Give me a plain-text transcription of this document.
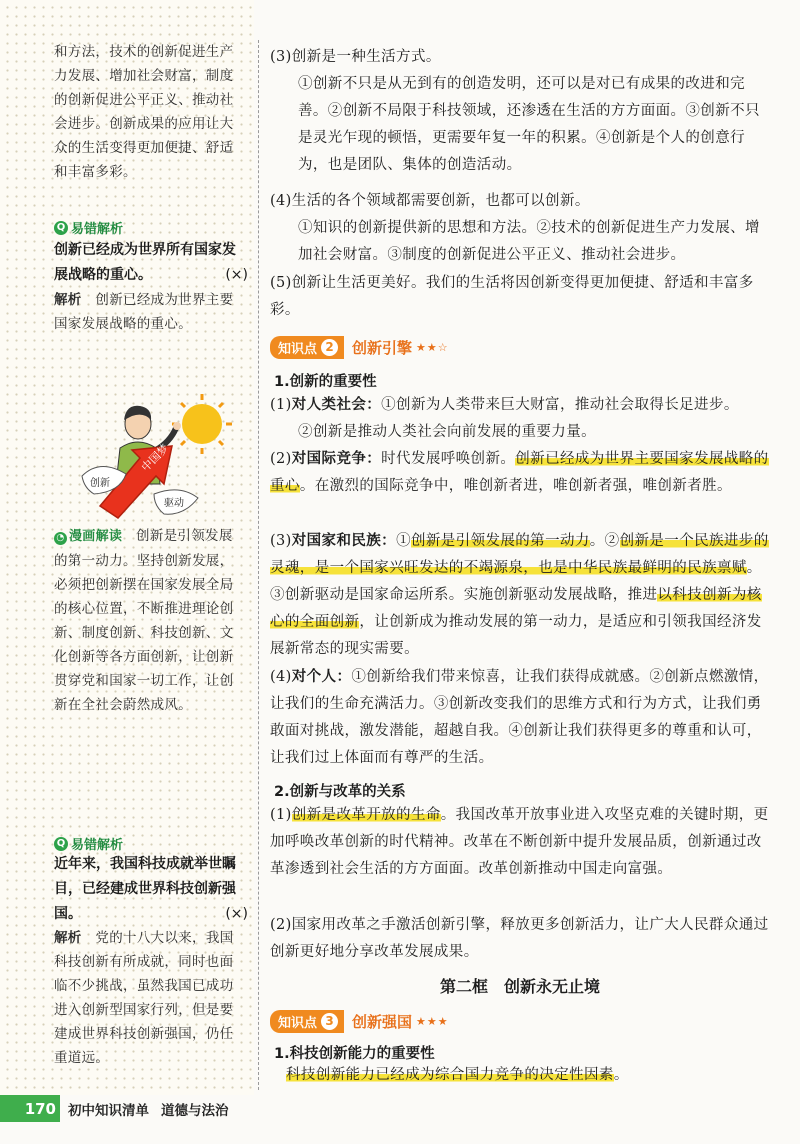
和方法，技术的创新促进生产力发展、增加社会财富，制度的创新促进公平正义、推动社会进步。创新成果的应用让大众的生活变得更加便捷、舒适和丰富多彩。
Q 易错解析
创新已经成为世界所有国家发展战略的重心。	(×)
解析　 创新已经成为世界主要国家发展战略的重心。
中国梦
创新
驱动
◔ 漫画解读　 创新是引领发展的第一动力。坚持创新发展，必须把创新摆在国家发展全局的核心位置，不断推进理论创新、制度创新、科技创新、文化创新等各方面创新，让创新贯穿党和国家一切工作，让创新在全社会蔚然成风。
Q 易错解析
近年来，我国科技成就举世瞩目，已经建成世界科技创新强国。	(×)
解析　 党的十八大以来，我国科技创新有所成就，同时也面临不少挑战，虽然我国已成功进入创新型国家行列，但是要建成世界科技创新强国，仍任重道远。
(3)创新是一种生活方式。
①创新不只是从无到有的创造发明，还可以是对已有成果的改进和完善。②创新不局限于科技领域，还渗透在生活的方方面面。③创新不只是灵光乍现的顿悟，更需要年复一年的积累。④创新是个人的创意行为，也是团队、集体的创造活动。
(4)生活的各个领域都需要创新，也都可以创新。
①知识的创新提供新的思想和方法。②技术的创新促进生产力发展、增加社会财富。③制度的创新促进公平正义、推动社会进步。
(5)创新让生活更美好。我们的生活将因创新变得更加便捷、舒适和丰富多彩。
知识点 2 创新引擎 ★★☆
1.创新的重要性
(1)对人类社会：①创新为人类带来巨大财富，推动社会取得长足进步。
②创新是推动人类社会向前发展的重要力量。
(2)对国际竞争：时代发展呼唤创新。创新已经成为世界主要国家发展战略的重心。在激烈的国际竞争中，唯创新者进，唯创新者强，唯创新者胜。
(3)对国家和民族：①创新是引领发展的第一动力。②创新是一个民族进步的灵魂，是一个国家兴旺发达的不竭源泉，也是中华民族最鲜明的民族禀赋。③创新驱动是国家命运所系。实施创新驱动发展战略，推进以科技创新为核心的全面创新，让创新成为推动发展的第一动力，是适应和引领我国经济发展新常态的现实需要。
(4)对个人：①创新给我们带来惊喜，让我们获得成就感。②创新点燃激情，让我们的生命充满活力。③创新改变我们的思维方式和行为方式，让我们勇敢面对挑战，激发潜能，超越自我。④创新让我们获得更多的尊重和认可，让我们过上体面而有尊严的生活。
2.创新与改革的关系
(1)创新是改革开放的生命。我国改革开放事业进入攻坚克难的关键时期，更加呼唤改革创新的时代精神。改革在不断创新中提升发展品质，创新通过改革渗透到社会生活的方方面面。改革创新推动中国走向富强。
(2)国家用改革之手激活创新引擎，释放更多创新活力，让广大人民群众通过创新更好地分享改革发展成果。
第二框　创新永无止境
知识点 3 创新强国 ★★★
1.科技创新能力的重要性
科技创新能力已经成为综合国力竞争的决定性因素。
170 初中知识清单 道德与法治
